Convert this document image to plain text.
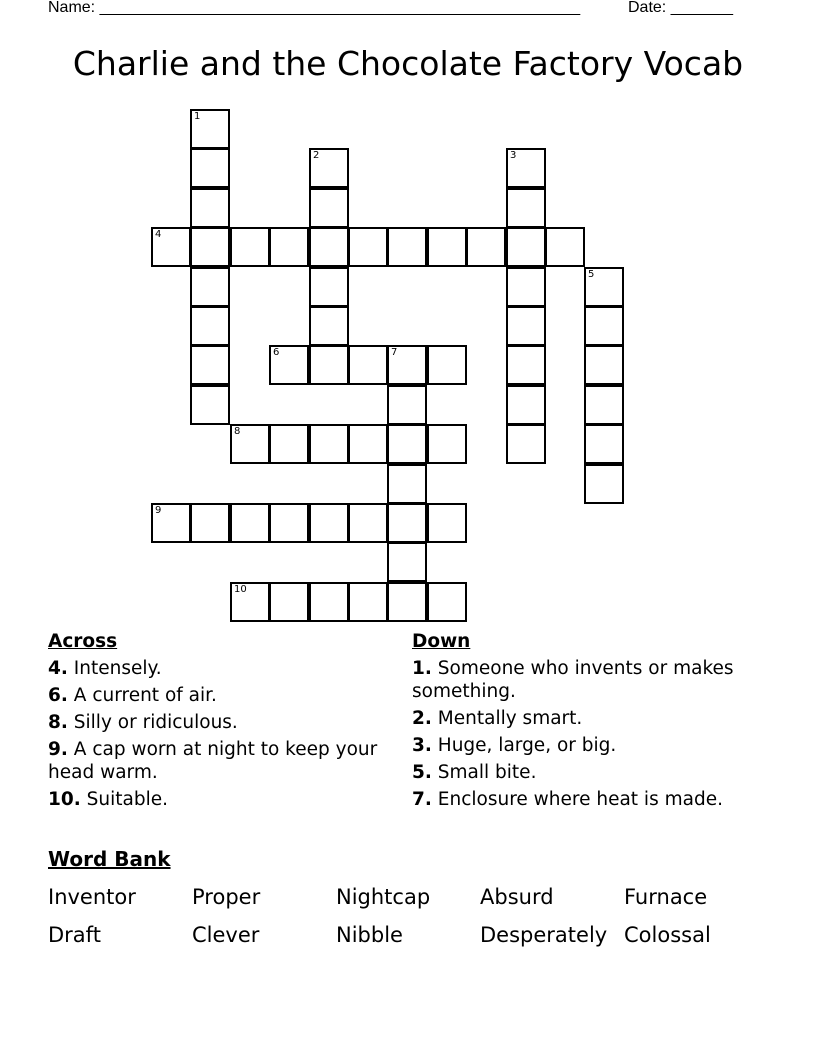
Name: ______________________________________________________	Date: _______
Charlie and the Chocolate Factory Vocab
1
2	3
4
5
6	7
8
9
10
Across
4. Intensely.
6. A current of air.
8. Silly or ridiculous.
9. A cap worn at night to keep your head warm.
10. Suitable.
Down
1. Someone who invents or makes something.
2. Mentally smart.
3. Huge, large, or big.
5. Small bite.
7. Enclosure where heat is made.
Word Bank
Inventor	Proper	Nightcap	Absurd	Furnace
Draft	Clever	Nibble	Desperately Colossal
